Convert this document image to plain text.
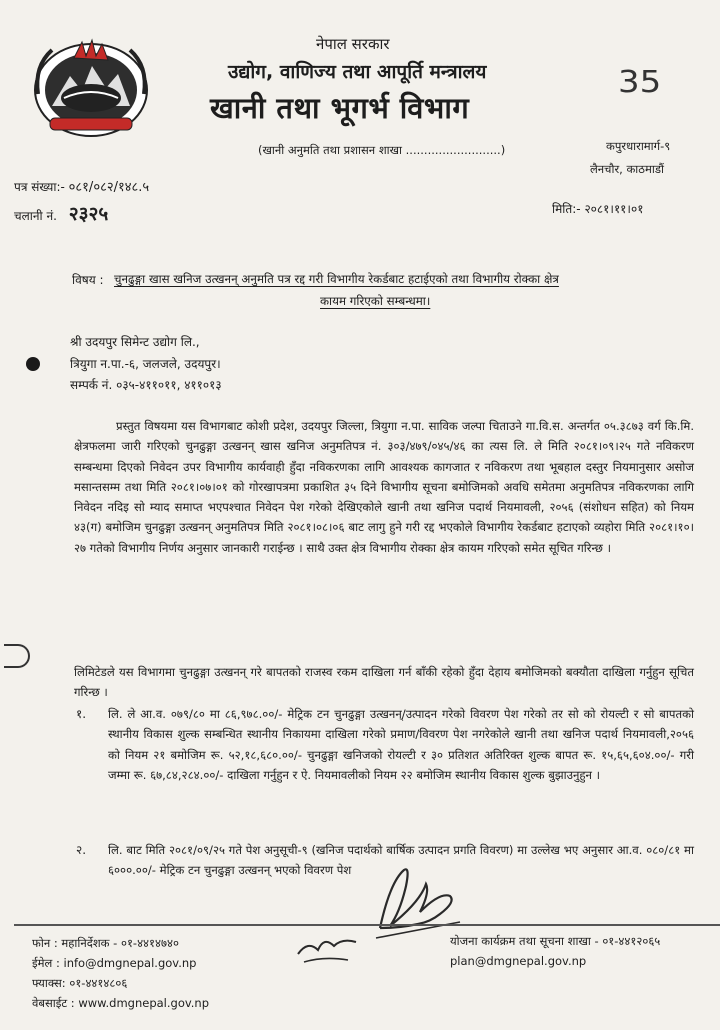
नेपाल सरकार
उद्योग, वाणिज्य तथा आपूर्ति मन्त्रालय
खानी तथा भूगर्भ विभाग
(खानी अनुमति तथा प्रशासन शाखा ..........................)
35
कपुरधारामार्ग-९
लैनचौर, काठमाडौं
पत्र संख्या:- ०८१/०८२/१४८.५
चलानी नं. २३२५	मिति:- २०८१।११।०१
विषय : चुनढुङ्गा खास खनिज उत्खनन् अनुमति पत्र रद्द गरी विभागीय रेकर्डबाट हटाईएको तथा विभागीय रोक्का क्षेत्र
कायम गरिएको सम्बन्धमा।
श्री उदयपुर सिमेन्ट उद्योग लि.,
त्रियुगा न.पा.-६, जलजले, उदयपुर।
सम्पर्क नं. ०३५-४११०११, ४११०१३
प्रस्तुत विषयमा यस विभागबाट कोशी प्रदेश, उदयपुर जिल्ला, त्रियुगा न.पा. साविक जल्पा चिताउने गा.वि.स. अन्तर्गत ०५.३८७३ वर्ग कि.मि. क्षेत्रफलमा जारी गरिएको चुनढुङ्गा उत्खनन् खास खनिज अनुमतिपत्र नं. ३०३/४७९/०४५/४६ का त्यस लि. ले मिति २०८१।०९।२५ गते नविकरण सम्बन्धमा दिएको निवेदन उपर विभागीय कार्यवाही हुँदा नविकरणका लागि आवश्यक कागजात र नविकरण तथा भूबहाल दस्तुर नियमानुसार असोज मसान्तसम्म तथा मिति २०८१।०७।०१ को गोरखापत्रमा प्रकाशित ३५ दिने विभागीय सूचना बमोजिमको अवधि समेतमा अनुमतिपत्र नविकरणका लागि निवेदन नदिइ सो म्याद समाप्त भएपश्चात निवेदन पेश गरेको देखिएकोले खानी तथा खनिज पदार्थ नियमावली, २०५६ (संशोधन सहित) को नियम ४३(ग) बमोजिम चुनढुङ्गा उत्खनन् अनुमतिपत्र मिति २०८१।०८।०६ बाट लागु हुने गरी रद्द भएकोले विभागीय रेकर्डबाट हटाएको व्यहोरा मिति २०८१।१०।२७ गतेको विभागीय निर्णय अनुसार जानकारी गराईन्छ । साथै उक्त क्षेत्र विभागीय रोक्का क्षेत्र कायम गरिएको समेत सूचित गरिन्छ ।
लिमिटेडले यस विभागमा चुनढुङ्गा उत्खनन् गरे बापतको राजस्व रकम दाखिला गर्न बाँकी रहेको हुँदा देहाय बमोजिमको बक्यौता दाखिला गर्नुहुन सूचित गरिन्छ ।
१. लि. ले आ.व. ०७९/८० मा ८६,९७८.००/- मेट्रिक टन चुनढुङ्गा उत्खनन्/उत्पादन गरेको विवरण पेश गरेको तर सो को रोयल्टी र सो बापतको स्थानीय विकास शुल्क सम्बन्धित स्थानीय निकायमा दाखिला गरेको प्रमाण/विवरण पेश नगरेकोले खानी तथा खनिज पदार्थ नियमावली,२०५६ को नियम २१ बमोजिम रू. ५२,१८,६८०.००/- चुनढुङ्गा खनिजको रोयल्टी र ३० प्रतिशत अतिरिक्त शुल्क बापत रू. १५,६५,६०४.००/- गरी जम्मा रू. ६७,८४,२८४.००/- दाखिला गर्नुहुन र ऐ. नियमावलीको नियम २२ बमोजिम स्थानीय विकास शुल्क बुझाउनुहुन ।
२. लि. बाट मिति २०८१/०९/२५ गते पेश अनुसूची-९ (खनिज पदार्थको बार्षिक उत्पादन प्रगति विवरण) मा उल्लेख भए अनुसार आ.व. ०८०/८१ मा ६०००.००/- मेट्रिक टन चुनढुङ्गा उत्खनन् भएको विवरण पेश
फोन : महानिर्देशक - ०१-४४१४७४०
ईमेल : info@dmgnepal.gov.np
फ्याक्स: ०१-४४१४८०६
वेबसाईट : www.dmgnepal.gov.np
योजना कार्यक्रम तथा सूचना शाखा - ०१-४४१२०६५
plan@dmgnepal.gov.np
